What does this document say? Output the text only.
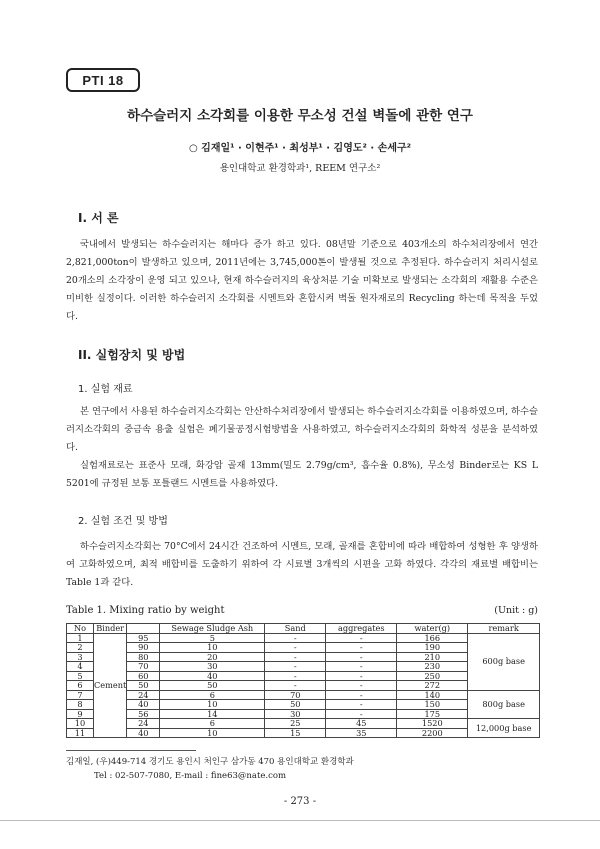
PTI 18
하수슬러지 소각회를 이용한 무소성 건설 벽돌에 관한 연구
○ 김재일¹ · 이현주¹ · 최성부¹ · 김영도² · 손세구²
용인대학교 환경학과¹, REEM 연구소²
I. 서 론

국내에서 발생되는 하수슬러지는 해마다 증가 하고 있다. 08년말 기준으로 403개소의 하수처리장에서 연간 2,821,000ton이 발생하고 있으며, 2011년에는 3,745,000톤이 발생될 것으로 추정된다. 하수슬러지 처리시설로 20개소의 소각장이 운영 되고 있으나, 현재 하수슬러지의 육상처분 기술 미확보로 발생되는 소각회의 재활용 수준은 미비한 실정이다. 이러한 하수슬러지 소각회를 시멘트와 혼합시켜 벽돌 원자재로의 Recycling 하는데 목적을 두었다.

II. 실험장치 및 방법
1. 실험 재료

본 연구에서 사용된 하수슬러지소각회는 안산하수처리장에서 발생되는 하수슬러지소각회를 이용하였으며, 하수슬러지소각회의 중금속 용출 실험은 폐기물공정시험방법을 사용하였고, 하수슬러지소각회의 화학적 성분을 분석하였다.

실험재료로는 표준사 모래, 화강암 골재 13mm(밀도 2.79g/cm³, 흡수율 0.8%), 무소성 Binder로는 KS L 5201에 규정된 보통 포틀랜드 시멘트를 사용하였다.

2. 실험 조건 및 방법

하수슬러지소각회는 70°C에서 24시간 건조하여 시멘트, 모래, 골재를 혼합비에 따라 배합하여 성형한 후 양생하여 고화하였으며, 최적 배합비를 도출하기 위하여 각 시료별 3개씩의 시편을 고화 하였다. 각각의 재료별 배합비는 Table 1과 같다.

Table 1. Mixing ratio by weight	(Unit : g)
No	Binder		Sewage Sludge Ash	Sand	aggregates	water(g)	remark
1	Cement	95	5	-	-	166	600g base
2		90	10	-	-	190	
3		80	20	-	-	210	
4		70	30	-	-	230	
5		60	40	-	-	250	
6		50	50	-	-	272	
7		24	6	70	-	140	800g base
8		40	10	50	-	150	
9		56	14	30	-	175	
10		24	6	25	45	1520	12,000g base
11		40	10	15	35	2200	
김재일, (우)449-714 경기도 용인시 처인구 삼가동 470 용인대학교 환경학과
Tel : 02-507-7080, E-mail : fine63@nate.com
- 273 -
